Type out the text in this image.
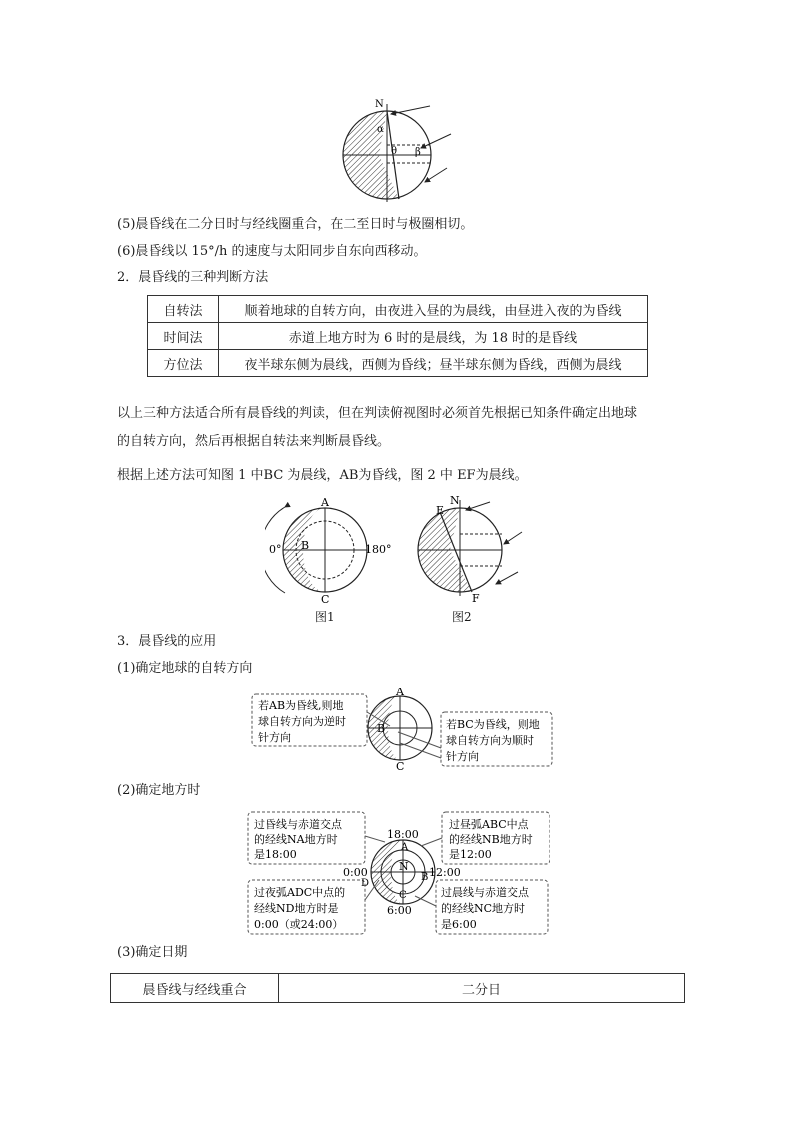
N
α
θ β
(5)晨昏线在二分日时与经线圈重合，在二至日时与极圈相切。
(6)晨昏线以 15°/h 的速度与太阳同步自东向西移动。
2．晨昏线的三种判断方法
自转法	顺着地球的自转方向，由夜进入昼的为晨线，由昼进入夜的为昏线
时间法	赤道上地方时为 6 时的是晨线，为 18 时的是昏线
方位法	夜半球东侧为晨线，西侧为昏线；昼半球东侧为昏线，西侧为晨线
以上三种方法适合所有晨昏线的判读，但在判读俯视图时必须首先根据已知条件确定出地球
的自转方向，然后再根据自转法来判断晨昏线。
根据上述方法可知图 1 中BC 为晨线，AB为昏线，图 2 中 EF为晨线。
A
B
C
0°	180°
图1
N
E
F
图2
3．晨昏线的应用
(1)确定地球的自转方向
A
B
C
若AB为昏线,则地
球自转方向为逆时
针方向
若BC为昏线，则地
球自转方向为顺时
针方向
(2)确定地方时
18:00
12:00
0:00
6:00
N
A
B
C
D
过昏线与赤道交点
的经线NA地方时
是18:00
过昼弧ABC中点
的经线NB地方时
是12:00
过夜弧ADC中点的
经线ND地方时是
0:00（或24:00）
过晨线与赤道交点
的经线NC地方时
是6:00
(3)确定日期
晨昏线与经线重合	二分日
